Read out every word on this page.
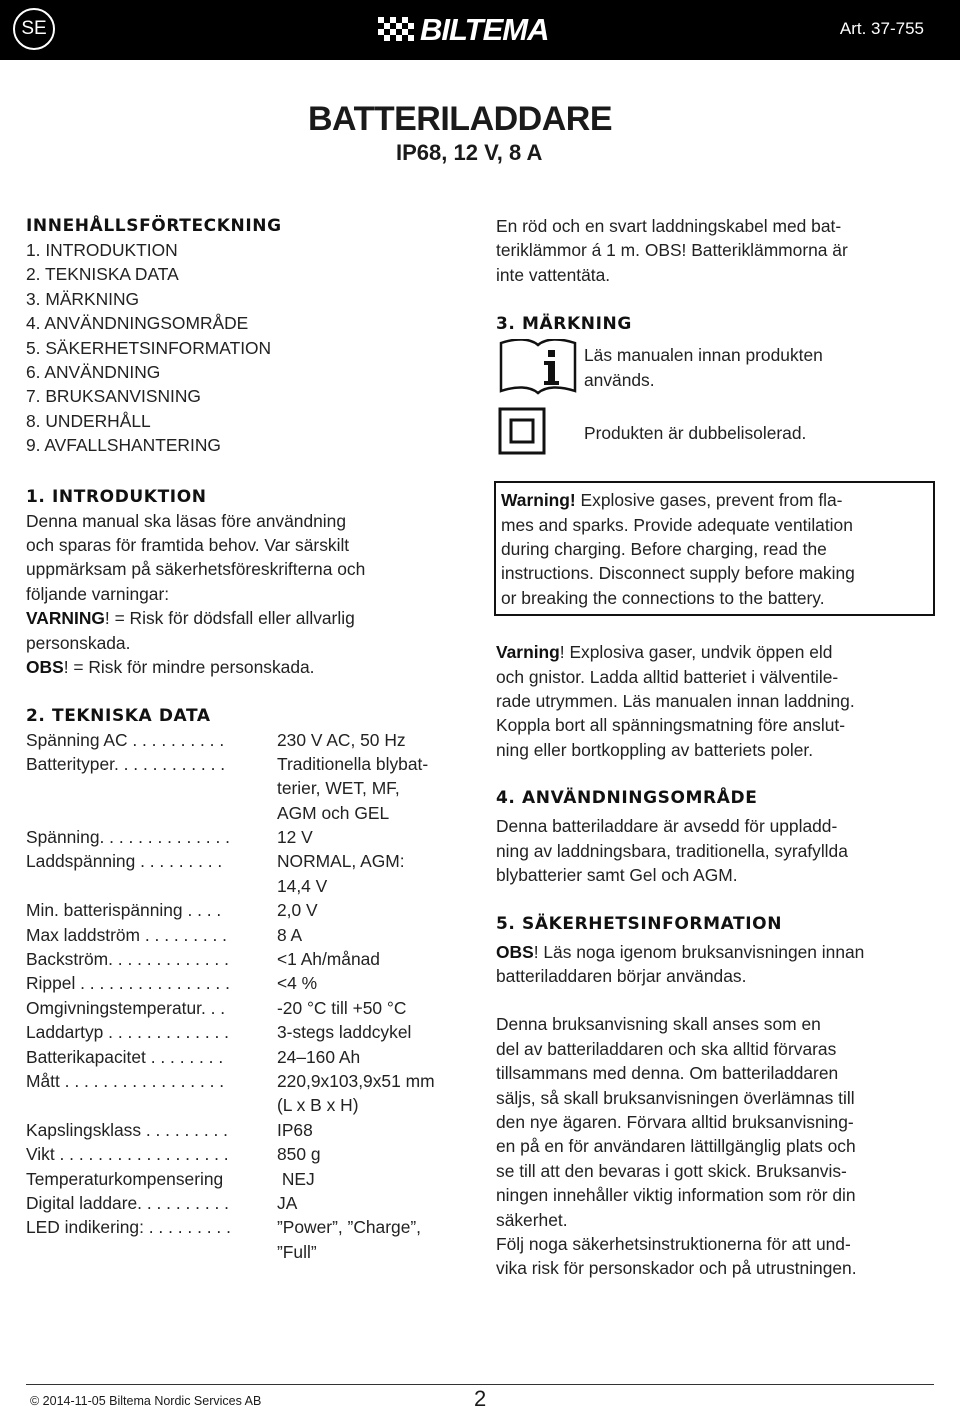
SE	BILTEMA	Art. 37-755
BATTERILADDARE
IP68, 12 V, 8 A
INNEHÅLLSFÖRTECKNING
1. INTRODUKTION
2. TEKNISKA DATA
3. MÄRKNING
4. ANVÄNDNINGSOMRÅDE
5. SÄKERHETSINFORMATION
6. ANVÄNDNING
7. BRUKSANVISNING
8. UNDERHÅLL
9. AVFALLSHANTERING
1. INTRODUKTION
Denna manual ska läsas före användning
och sparas för framtida behov. Var särskilt
uppmärksam på säkerhetsföreskrifterna och
följande varningar:
VARNING! = Risk för dödsfall eller allvarlig
personskada.
OBS! = Risk för mindre personskada.
2. TEKNISKA DATA
Spänning AC . . . . . . . . . .	230 V AC, 50 Hz
Batterityper. . . . . . . . . . . .	Traditionella blybat-
terier, WET, MF,
AGM och GEL
Spänning. . . . . . . . . . . . . .	12 V
Laddspänning . . . . . . . . .	NORMAL, AGM:
14,4 V
Min. batterispänning . . . .	2,0 V
Max laddström . . . . . . . . .	8 A
Backström. . . . . . . . . . . . .	<1 Ah/månad
Rippel . . . . . . . . . . . . . . . .	<4 %
Omgivningstemperatur. . .	-20 °C till +50 °C
Laddartyp . . . . . . . . . . . . .	3-stegs laddcykel
Batterikapacitet . . . . . . . .	24–160 Ah
Mått . . . . . . . . . . . . . . . . .	220,9x103,9x51 mm
(L x B x H)
Kapslingsklass . . . . . . . . .	IP68
Vikt . . . . . . . . . . . . . . . . . .	850 g
Temperaturkompensering	NEJ
Digital laddare. . . . . . . . . .	JA
LED indikering: . . . . . . . . .	”Power”, ”Charge”,
”Full”
En röd och en svart laddningskabel med bat-
teriklämmor á 1 m. OBS! Batteriklämmorna är
inte vattentäta.
3. MÄRKNING
Läs manualen innan produkten
används.
Produkten är dubbelisolerad.
Warning! Explosive gases, prevent from fla-
mes and sparks. Provide adequate ventilation
during charging. Before charging, read the
instructions. Disconnect supply before making
or breaking the connections to the battery.
Varning! Explosiva gaser, undvik öppen eld
och gnistor. Ladda alltid batteriet i välventile-
rade utrymmen. Läs manualen innan laddning.
Koppla bort all spänningsmatning före anslut-
ning eller bortkoppling av batteriets poler.
4. ANVÄNDNINGSOMRÅDE
Denna batteriladdare är avsedd för uppladd-
ning av laddningsbara, traditionella, syrafyllda
blybatterier samt Gel och AGM.
5. SÄKERHETSINFORMATION
OBS! Läs noga igenom bruksanvisningen innan
batteriladdaren börjar användas.
Denna bruksanvisning skall anses som en
del av batteriladdaren och ska alltid förvaras
tillsammans med denna. Om batteriladdaren
säljs, så skall bruksanvisningen överlämnas till
den nye ägaren. Förvara alltid bruksanvisning-
en på en för användaren lättillgänglig plats och
se till att den bevaras i gott skick. Bruksanvis-
ningen innehåller viktig information som rör din
säkerhet.
Följ noga säkerhetsinstruktionerna för att und-
vika risk för personskador och på utrustningen.
© 2014-11-05 Biltema Nordic Services AB	2
